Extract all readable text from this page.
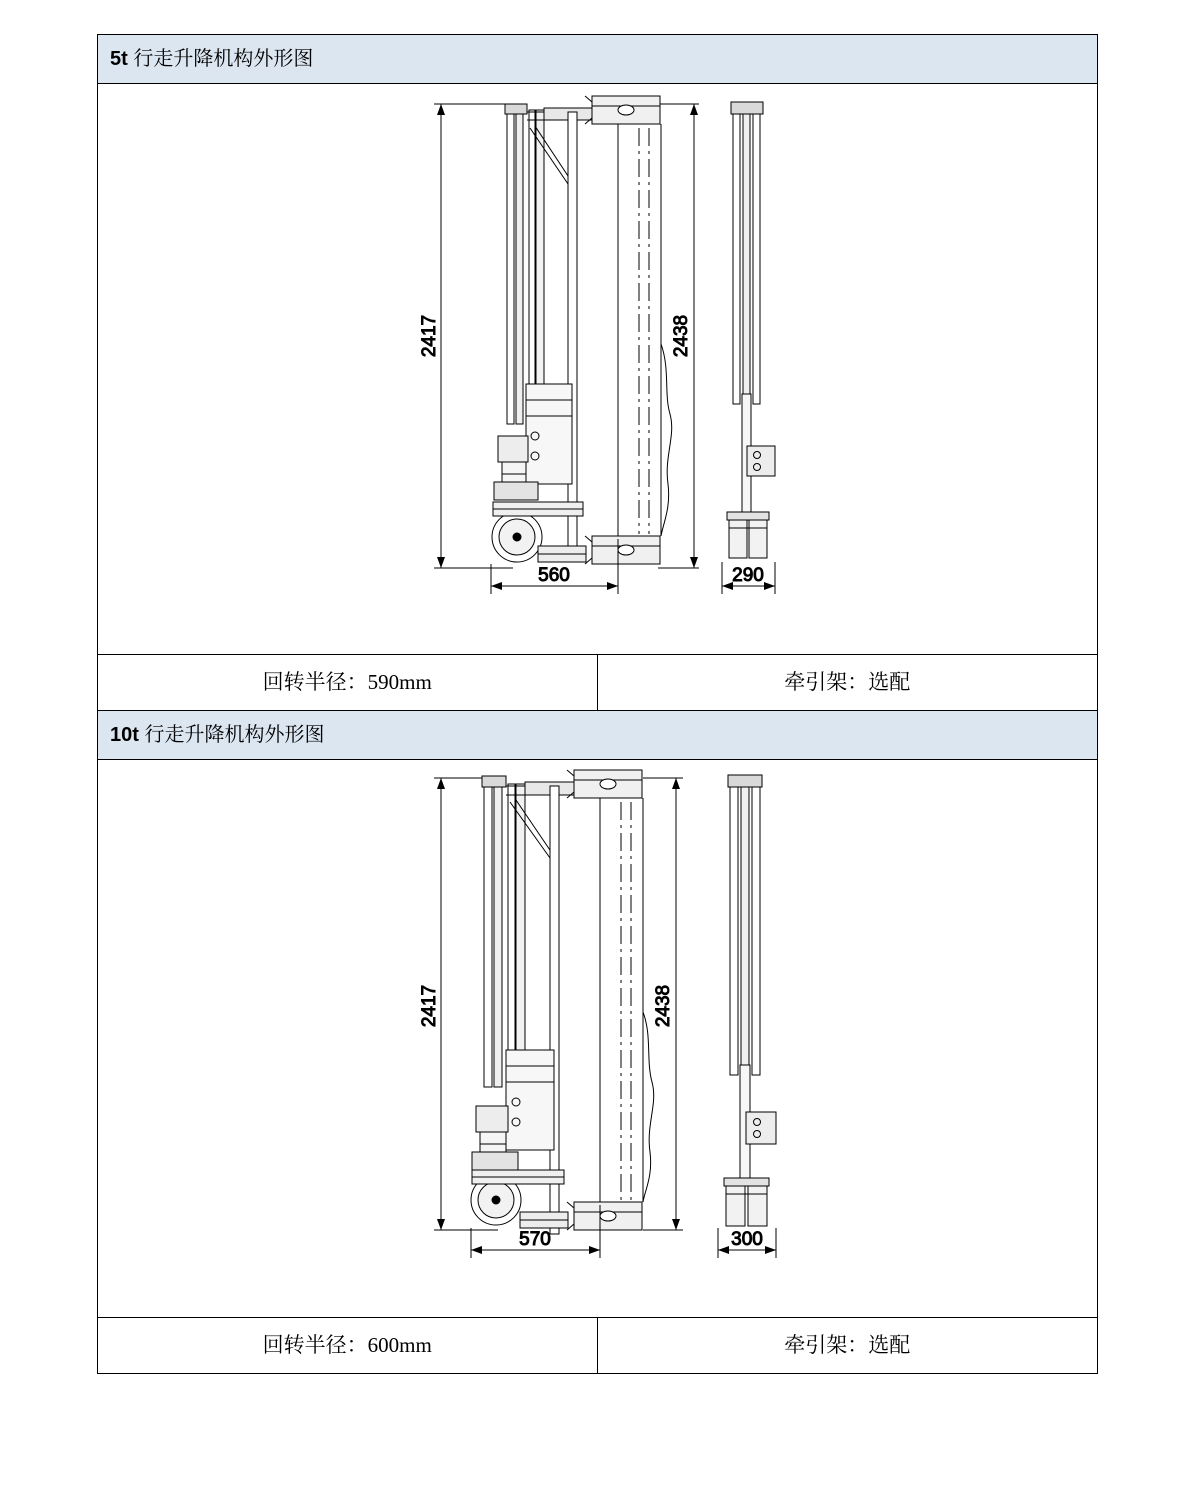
5t 行走升降机构外形图
2417	2438
560	290
回转半径：590mm	牵引架：选配
10t 行走升降机构外形图
2417	2438
570	300
回转半径：600mm	牵引架：选配
